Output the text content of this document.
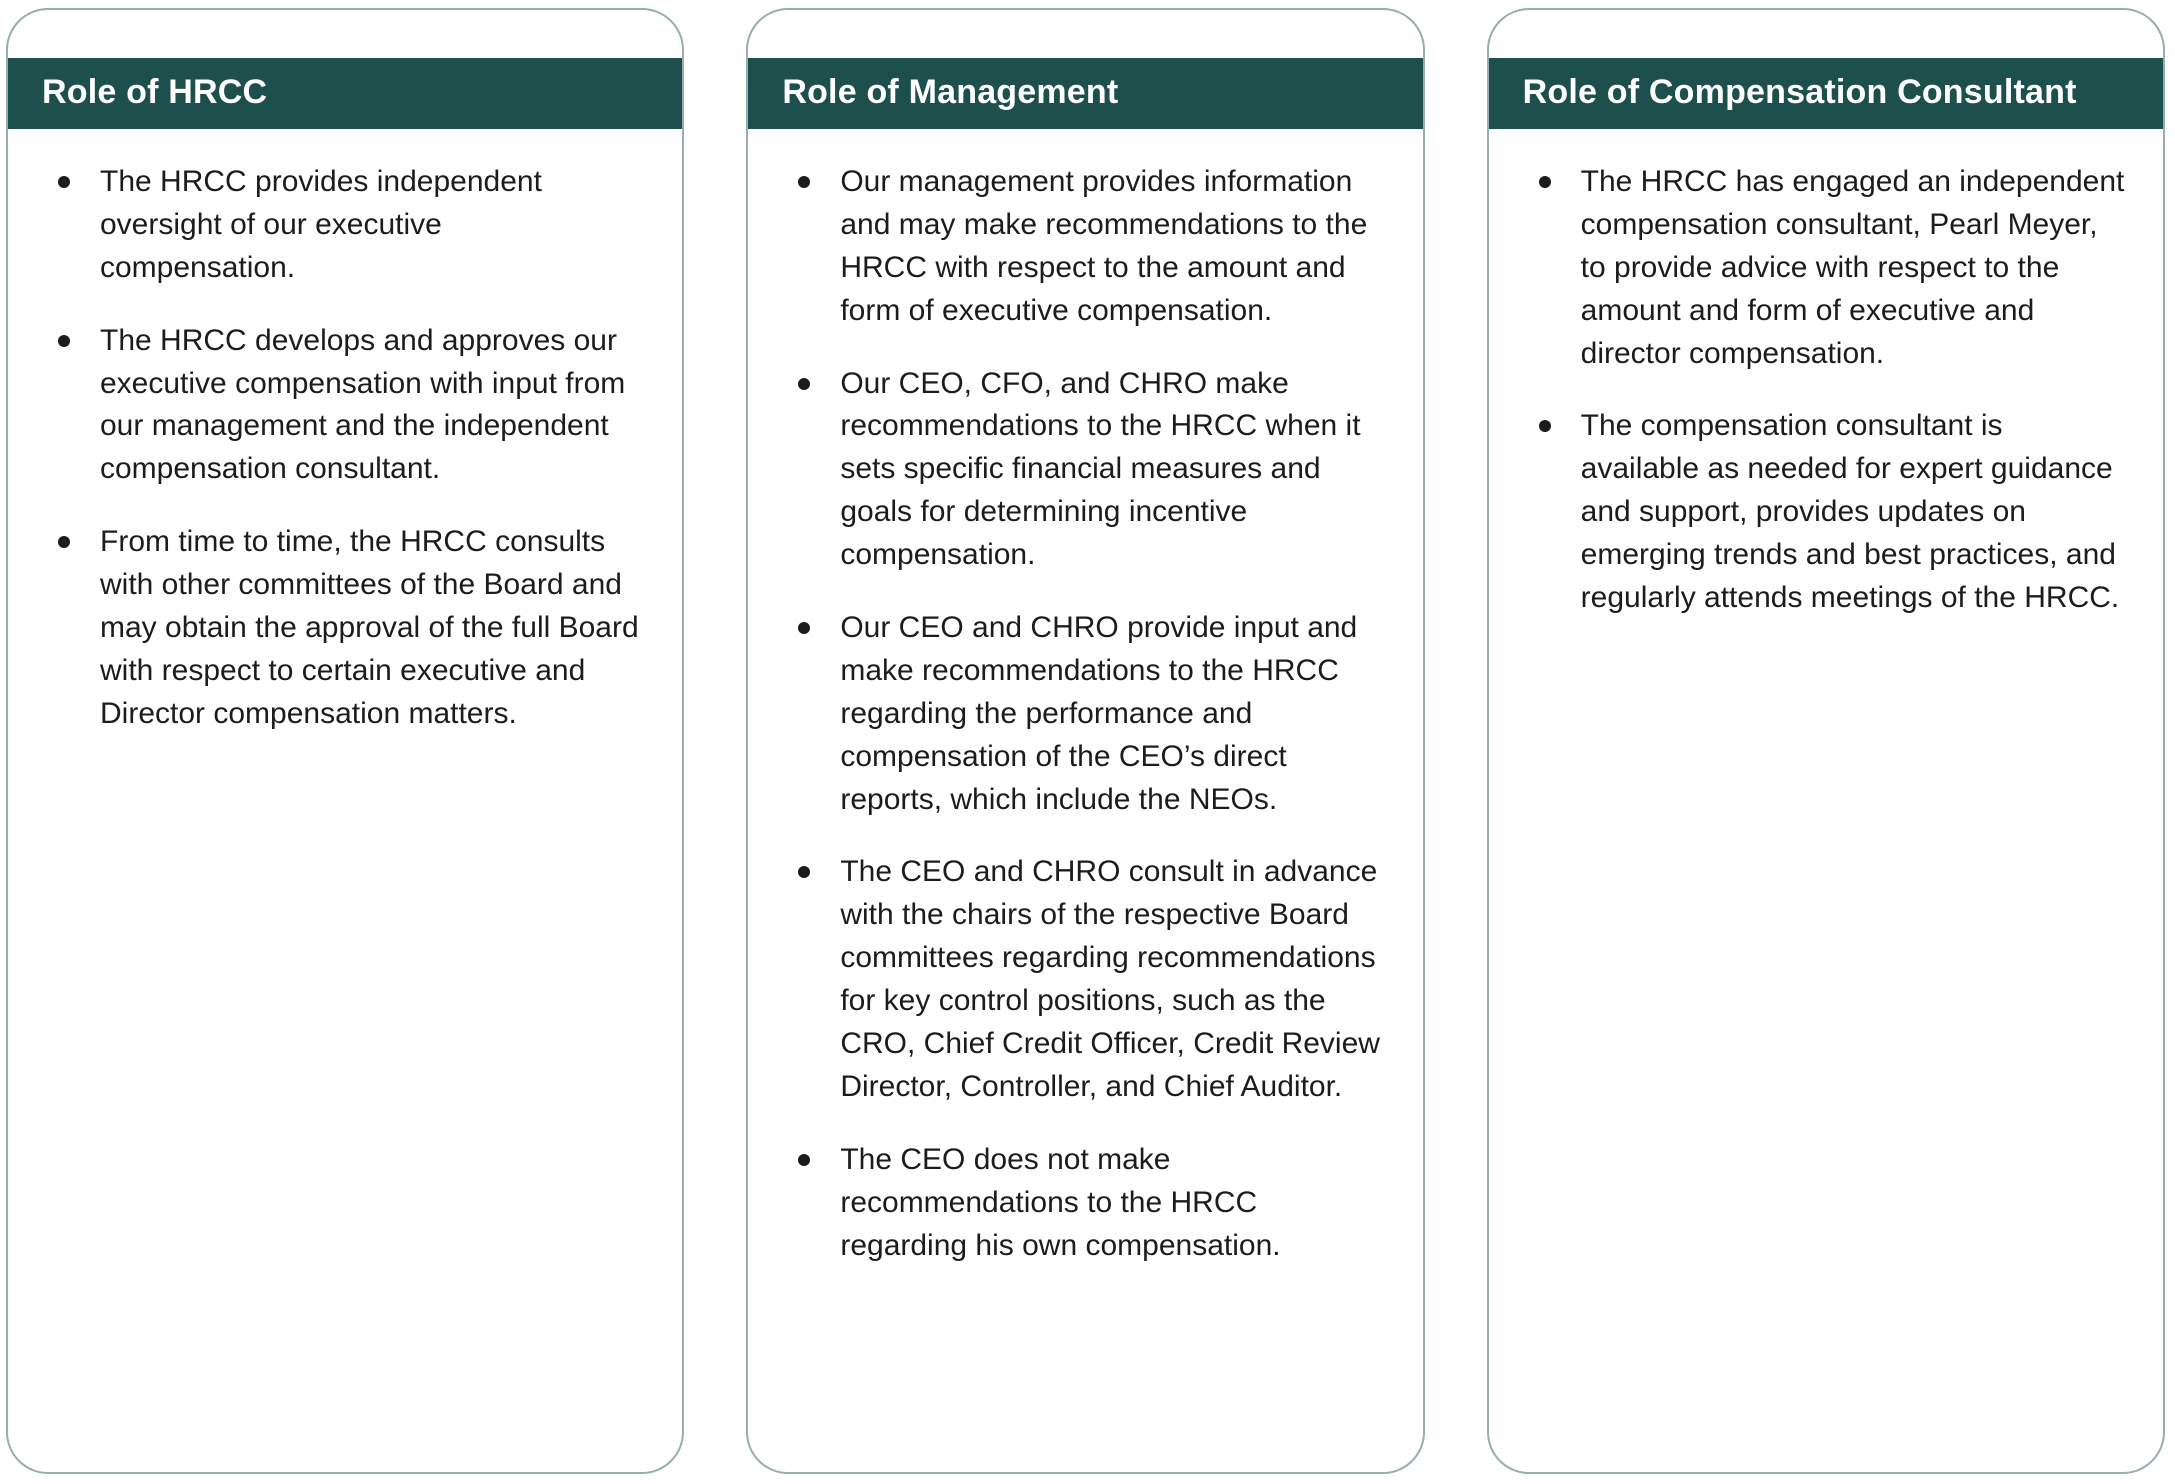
Role of HRCC
The HRCC provides independent oversight of our executive compensation.
The HRCC develops and approves our executive compensation with input from our management and the independent compensation consultant.
From time to time, the HRCC consults with other committees of the Board and may obtain the approval of the full Board with respect to certain executive and Director compensation matters.
Role of Management
Our management provides information and may make recommendations to the HRCC with respect to the amount and form of executive compensation.
Our CEO, CFO, and CHRO make recommendations to the HRCC when it sets specific financial measures and goals for determining incentive compensation.
Our CEO and CHRO provide input and make recommendations to the HRCC regarding the performance and compensation of the CEO’s direct reports, which include the NEOs.
The CEO and CHRO consult in advance with the chairs of the respective Board committees regarding recommendations for key control positions, such as the CRO, Chief Credit Officer, Credit Review Director, Controller, and Chief Auditor.
The CEO does not make recommendations to the HRCC regarding his own compensation.
Role of Compensation Consultant
The HRCC has engaged an independent compensation consultant, Pearl Meyer, to provide advice with respect to the amount and form of executive and director compensation.
The compensation consultant is available as needed for expert guidance and support, provides updates on emerging trends and best practices, and regularly attends meetings of the HRCC.
